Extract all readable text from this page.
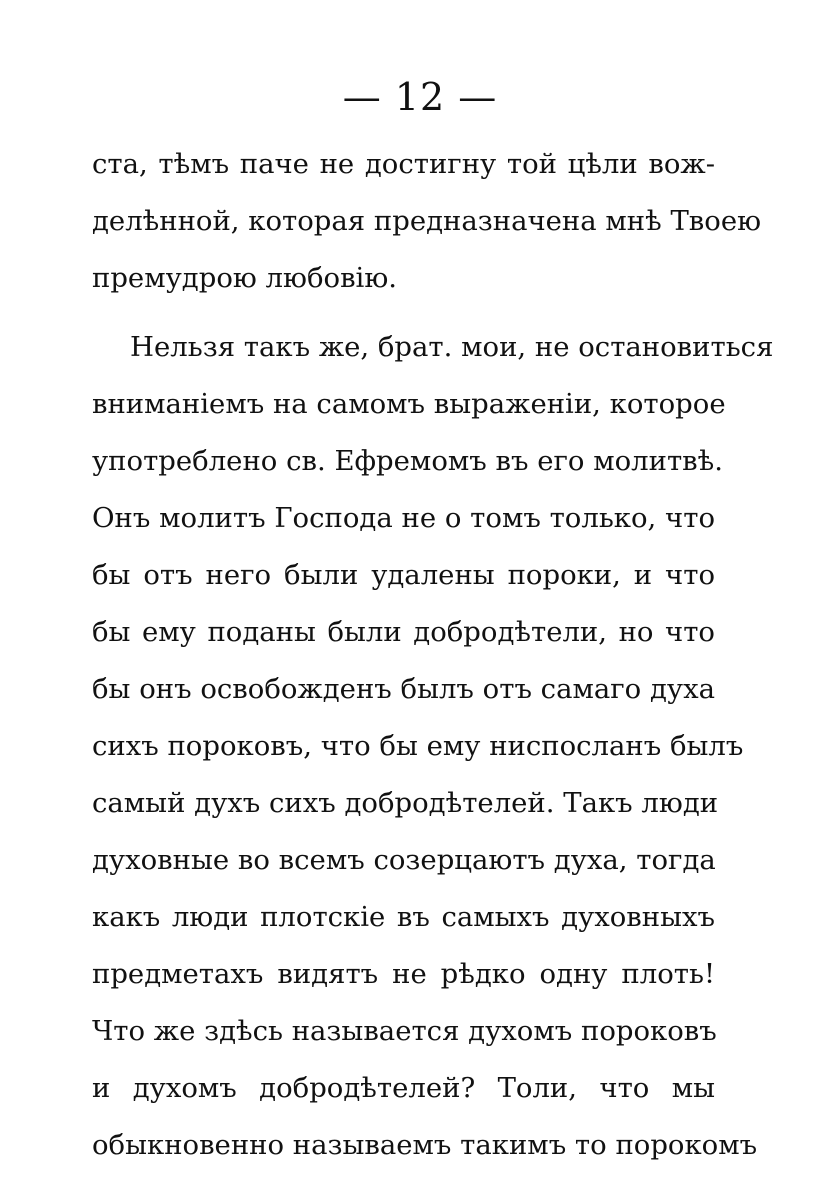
— 12 —
ста, тѣмъ паче не достигну той цѣли вож-
делѣнной, которая предназначена мнѣ Твоею
премудрою любовію.
Нельзя такъ же, брат. мои, не остановиться
вниманіемъ на самомъ выраженіи, которое
употреблено св. Ефремомъ въ его молитвѣ.
Онъ молитъ Господа не о томъ только, что
бы отъ него были удалены пороки, и что
бы ему поданы были добродѣтели, но что
бы онъ освобожденъ былъ отъ самаго духа
сихъ пороковъ, что бы ему ниспосланъ былъ
самый духъ сихъ добродѣтелей. Такъ люди
духовные во всемъ созерцаютъ духа, тогда
какъ люди плотскіе въ самыхъ духовныхъ
предметахъ видятъ не рѣдко одну плоть!
Что же здѣсь называется духомъ пороковъ
и духомъ добродѣтелей? Толи, что мы
обыкновенно называемъ такимъ то порокомъ
